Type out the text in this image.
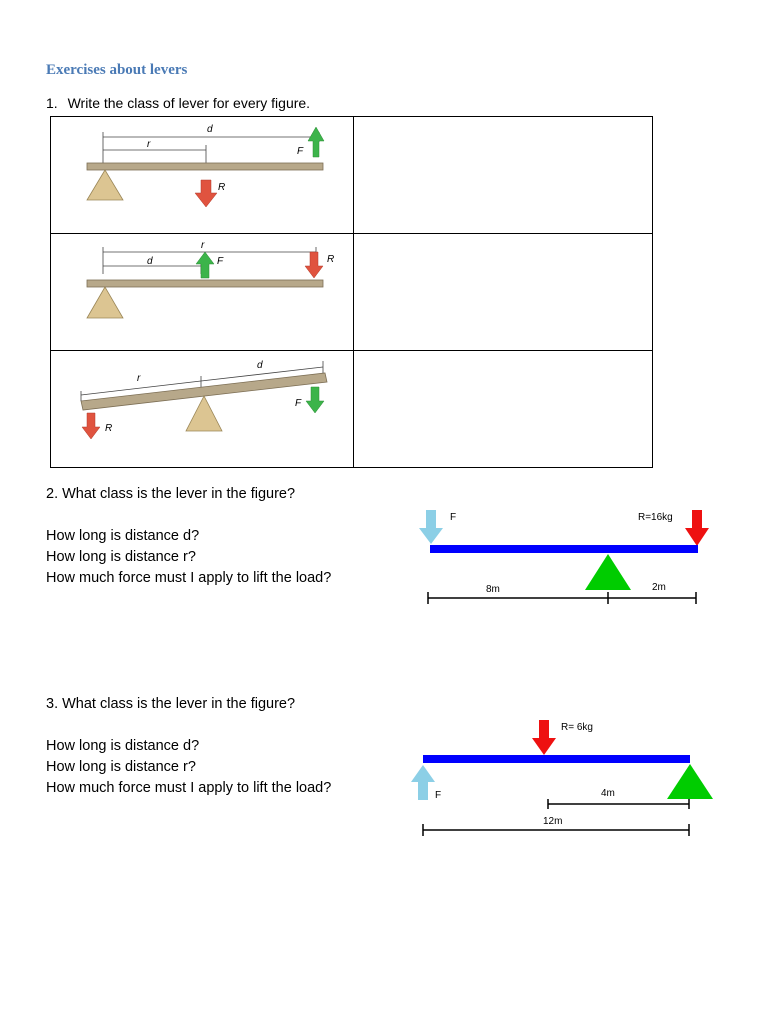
Exercises about levers
1. Write the class of lever for every figure.
d
r
F
R	

r
d F R	

r
d
F
R	

2. What class is the lever in the figure?

How long is distance d?

How long is distance r?

How much force must I apply to lift the load?

F	R=16kg
8m	2m

3. What class is the lever in the figure?

How long is distance d?

How long is distance r?

How much force must I apply to lift the load?

R= 6kg
F	4m
12m
